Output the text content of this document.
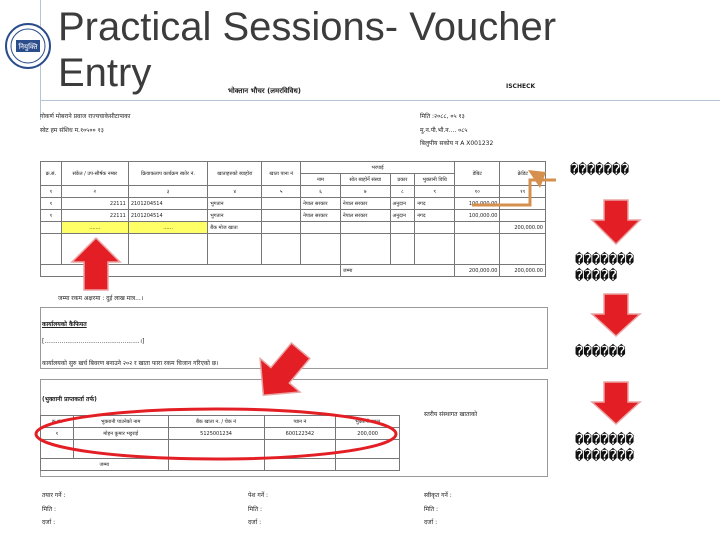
Practical Sessions- Voucher
Entry
नियुक्ति
भोक्तान भौचर (लमरविविध)
ISCHECK
गोकर्ण मोबराने प्रवाज राज्यचाकेसीटापाका
स्वेट हम संशिध म.१०५०० १३
मिति :२०८८, ०५ १३
मु.न.पी.भौ.न.... ०८५
बिलुपीय सकोय न A X001232
क्र.सं.	संकेत / उप-सीर्षक नम्बर	क्रियाकलाप कार्यक्रम स्कोर नं.	खाताहरुको ब्याहोरा	खाता पाना नं	भरपाई				डेबिट	क्रेडिट
					नाम	सोत ब्यहोर्ने संस्था	प्रकार	भुक्तानी विधि		
१	२	३	४	५	६	७	८	९	१०	११
१	22111	2101204514	भुगतान		नेपाल सरकार	नेपाल सरकार	अनुदान	नगद	100,000.00	
१	22111	2101204514	भुगतान		नेपाल सरकार	नेपाल सरकार	अनुदान	नगद	100,000.00	
	.......	......	बैंक मोज खाता							200,000.00

						जम्मा			200,000.00	200,000.00
जम्मा रकम अक्षरमा : दुई लाख मात्र...।
कार्यालयको कैफियत
[..................................................।]
कार्यालयको सुरु खर्च बिवरण बनाउने २०२ र खाता फारा रकम चिजान गरिएको छ।
(भुक्तानी प्राप्तकर्ता तर्फ)
स्तरीय संस्थागत खाताको
क्र.सं.	भुक्तानी पाउनेको नाम	बैंक खाता न. / चेक नं	प्यान नं	भुक्तानी रकम
१	मोहन कुमार भट्टराई	5125001234	600122342	200,000

जम्मा				
तयार गर्ने :
मिति :
दर्जा :
पेश गर्ने :
मिति :
दर्जा :
स्वीकृत गर्ने :
मिति :
दर्जा :
�������
�������
�����
������
�������
�������
